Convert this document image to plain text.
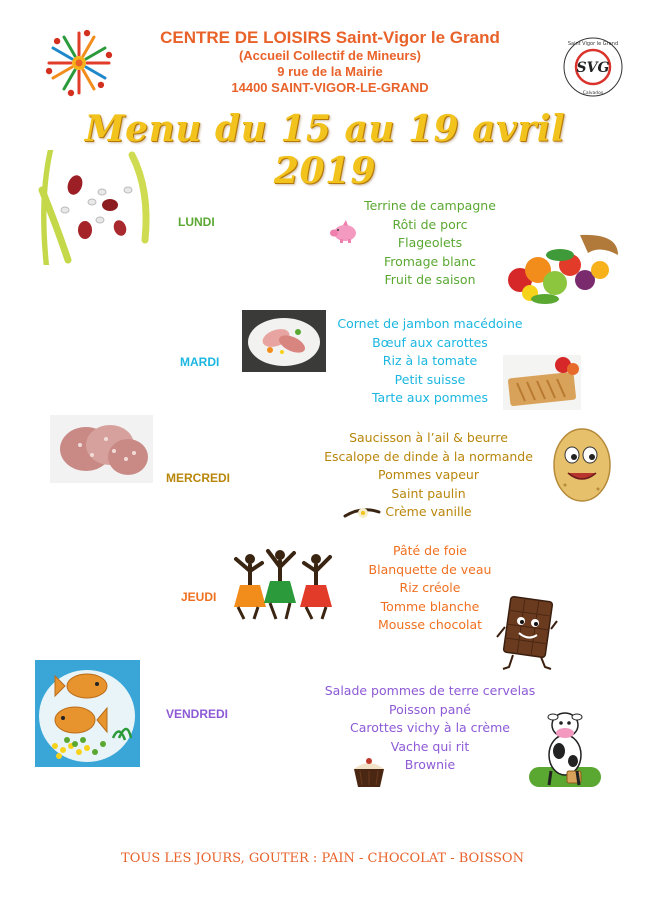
CENTRE DE LOISIRS Saint-Vigor le Grand
(Accueil Collectif de Mineurs)
9 rue de la Mairie
14400 SAINT-VIGOR-LE-GRAND
SVG
Saint Vigor le Grand
Calvados
Menu du 15 au 19 avril 2019
LUNDI
Terrine de campagne
Rôti de porc
Flageolets
Fromage blanc
Fruit de saison
MARDI
Cornet de jambon macédoine
Bœuf aux carottes
Riz à la tomate
Petit suisse
Tarte aux pommes
MERCREDI
Saucisson à l’ail & beurre
Escalope de dinde à la normande
Pommes vapeur
Saint paulin
Crème vanille
JEUDI
Pâté de foie
Blanquette de veau
Riz créole
Tomme blanche
Mousse chocolat
VENDREDI
Salade pommes de terre cervelas
Poisson pané
Carottes vichy à la crème
Vache qui rit
Brownie
TOUS LES JOURS, GOUTER : PAIN - CHOCOLAT - BOISSON
